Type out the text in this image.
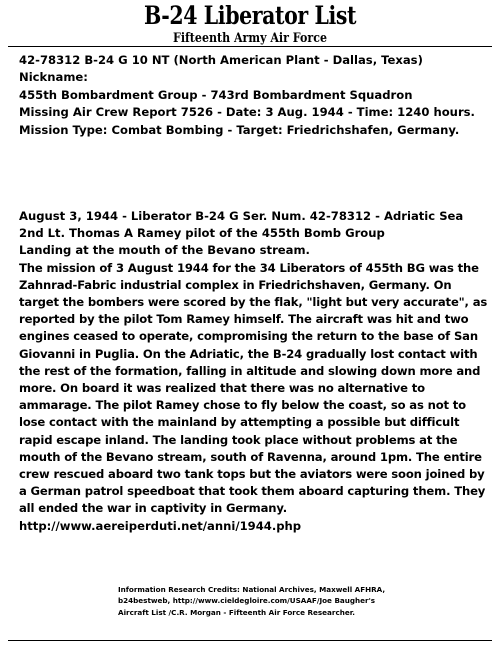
B-24 Liberator List
Fifteenth Army Air Force
42-78312 B-24 G 10 NT (North American Plant - Dallas, Texas)
Nickname:
455th Bombardment Group - 743rd Bombardment Squadron
Missing Air Crew Report 7526 - Date: 3 Aug. 1944 - Time: 1240 hours.
Mission Type: Combat Bombing - Target: Friedrichshafen, Germany.
August 3, 1944 - Liberator B-24 G Ser. Num. 42-78312 - Adriatic Sea
2nd Lt. Thomas A Ramey pilot of the 455th Bomb Group
Landing at the mouth of the Bevano stream.
The mission of 3 August 1944 for the 34 Liberators of 455th BG was the Zahnrad-Fabric industrial complex in Friedrichshaven, Germany. On target the bombers were scored by the flak, "light but very accurate", as reported by the pilot Tom Ramey himself. The aircraft was hit and two engines ceased to operate, compromising the return to the base of San Giovanni in Puglia. On the Adriatic, the B-24 gradually lost contact with the rest of the formation, falling in altitude and slowing down more and more. On board it was realized that there was no alternative to ammarage. The pilot Ramey chose to fly below the coast, so as not to lose contact with the mainland by attempting a possible but difficult rapid escape inland. The landing took place without problems at the mouth of the Bevano stream, south of Ravenna, around 1pm. The entire crew rescued aboard two tank tops but the aviators were soon joined by a German patrol speedboat that took them aboard capturing them. They all ended the war in captivity in Germany.
http://www.aereiperduti.net/anni/1944.php
Information Research Credits: National Archives, Maxwell AFHRA,
b24bestweb, http://www.cieldegloire.com/USAAF/Joe Baugher's
Aircraft List /C.R. Morgan - Fifteenth Air Force Researcher.
